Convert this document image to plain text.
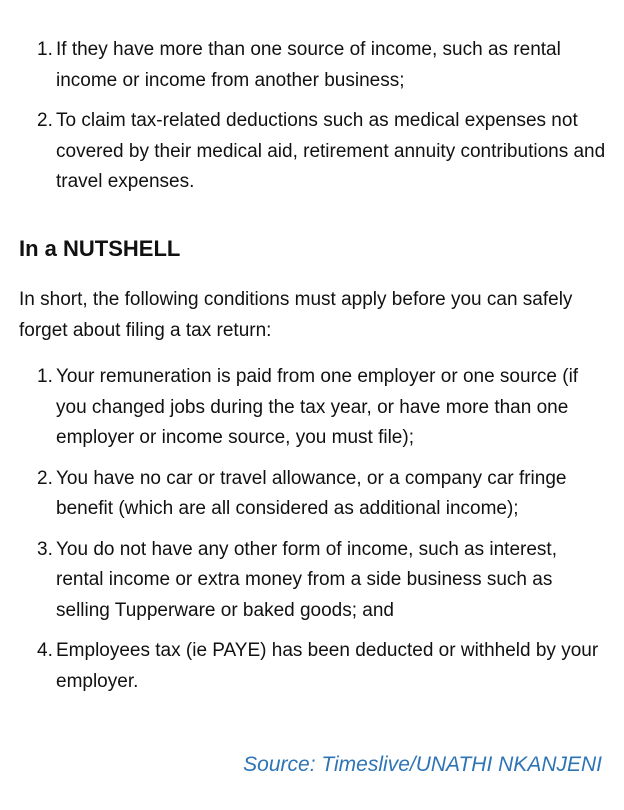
1. If they have more than one source of income, such as rental income or income from another business;
2. To claim tax-related deductions such as medical expenses not covered by their medical aid, retirement annuity contributions and travel expenses.
In a NUTSHELL

In short, the following conditions must apply before you can safely forget about filing a tax return:

1. Your remuneration is paid from one employer or one source (if you changed jobs during the tax year, or have more than one employer or income source, you must file);
2. You have no car or travel allowance, or a company car fringe benefit (which are all considered as additional income);
3. You do not have any other form of income, such as interest, rental income or extra money from a side business such as selling Tupperware or baked goods; and
4. Employees tax (ie PAYE) has been deducted or withheld by your employer.

Source: Timeslive/UNATHI NKANJENI
